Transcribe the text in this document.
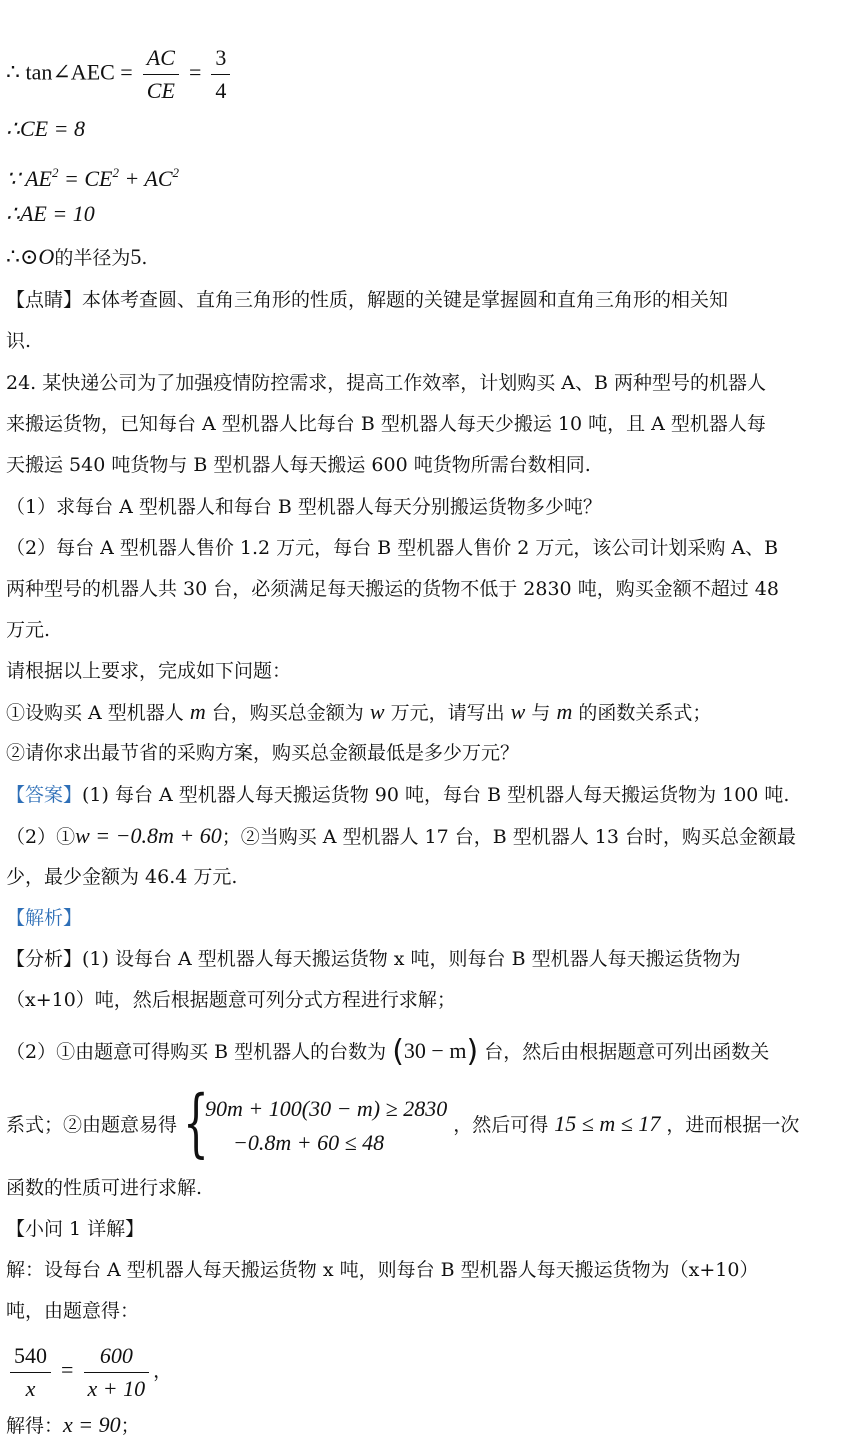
∴ tan∠AEC = $\frac{AC}{CE} = \frac{3}{4}$
∴CE = 8
∵ $AE^2 = CE^2 + AC^2$
∴AE = 10
∴⊙O的半径为5.
【点睛】本体考查圆、直角三角形的性质，解题的关键是掌握圆和直角三角形的相关知
识.
24. 某快递公司为了加强疫情防控需求，提高工作效率，计划购买 A、B 两种型号的机器人
来搬运货物，已知每台 A 型机器人比每台 B 型机器人每天少搬运 10 吨，且 A 型机器人每
天搬运 540 吨货物与 B 型机器人每天搬运 600 吨货物所需台数相同.
（1）求每台 A 型机器人和每台 B 型机器人每天分别搬运货物多少吨？
（2）每台 A 型机器人售价 1.2 万元，每台 B 型机器人售价 2 万元，该公司计划采购 A、B
两种型号的机器人共 30 台，必须满足每天搬运的货物不低于 2830 吨，购买金额不超过 48
万元.
请根据以上要求，完成如下问题：
①设购买 A 型机器人 m 台，购买总金额为 w 万元，请写出 w 与 m 的函数关系式；
②请你求出最节省的采购方案，购买总金额最低是多少万元？
【答案】(1) 每台 A 型机器人每天搬运货物 90 吨，每台 B 型机器人每天搬运货物为 100 吨.
（2）①w = −0.8m + 60；②当购买 A 型机器人 17 台，B 型机器人 13 台时，购买总金额最
少，最少金额为 46.4 万元.
【解析】
【分析】(1) 设每台 A 型机器人每天搬运货物 x 吨，则每台 B 型机器人每天搬运货物为
（x+10）吨，然后根据题意可列分式方程进行求解；
（2）①由题意可得购买 B 型机器人的台数为 (30 − m) 台，然后由根据题意可列出函数关
系式；②由题意易得 {
90m + 100(30 − m) ≥ 2830
−0.8m + 60 ≤ 48
，然后可得 15 ≤ m ≤ 17 ，进而根据一次
函数的性质可进行求解.
【小问 1 详解】
解：设每台 A 型机器人每天搬运货物 x 吨，则每台 B 型机器人每天搬运货物为（x+10）
吨，由题意得：
$\frac{540}{x} = \frac{600}{x + 10}$ ，
解得：x = 90；
